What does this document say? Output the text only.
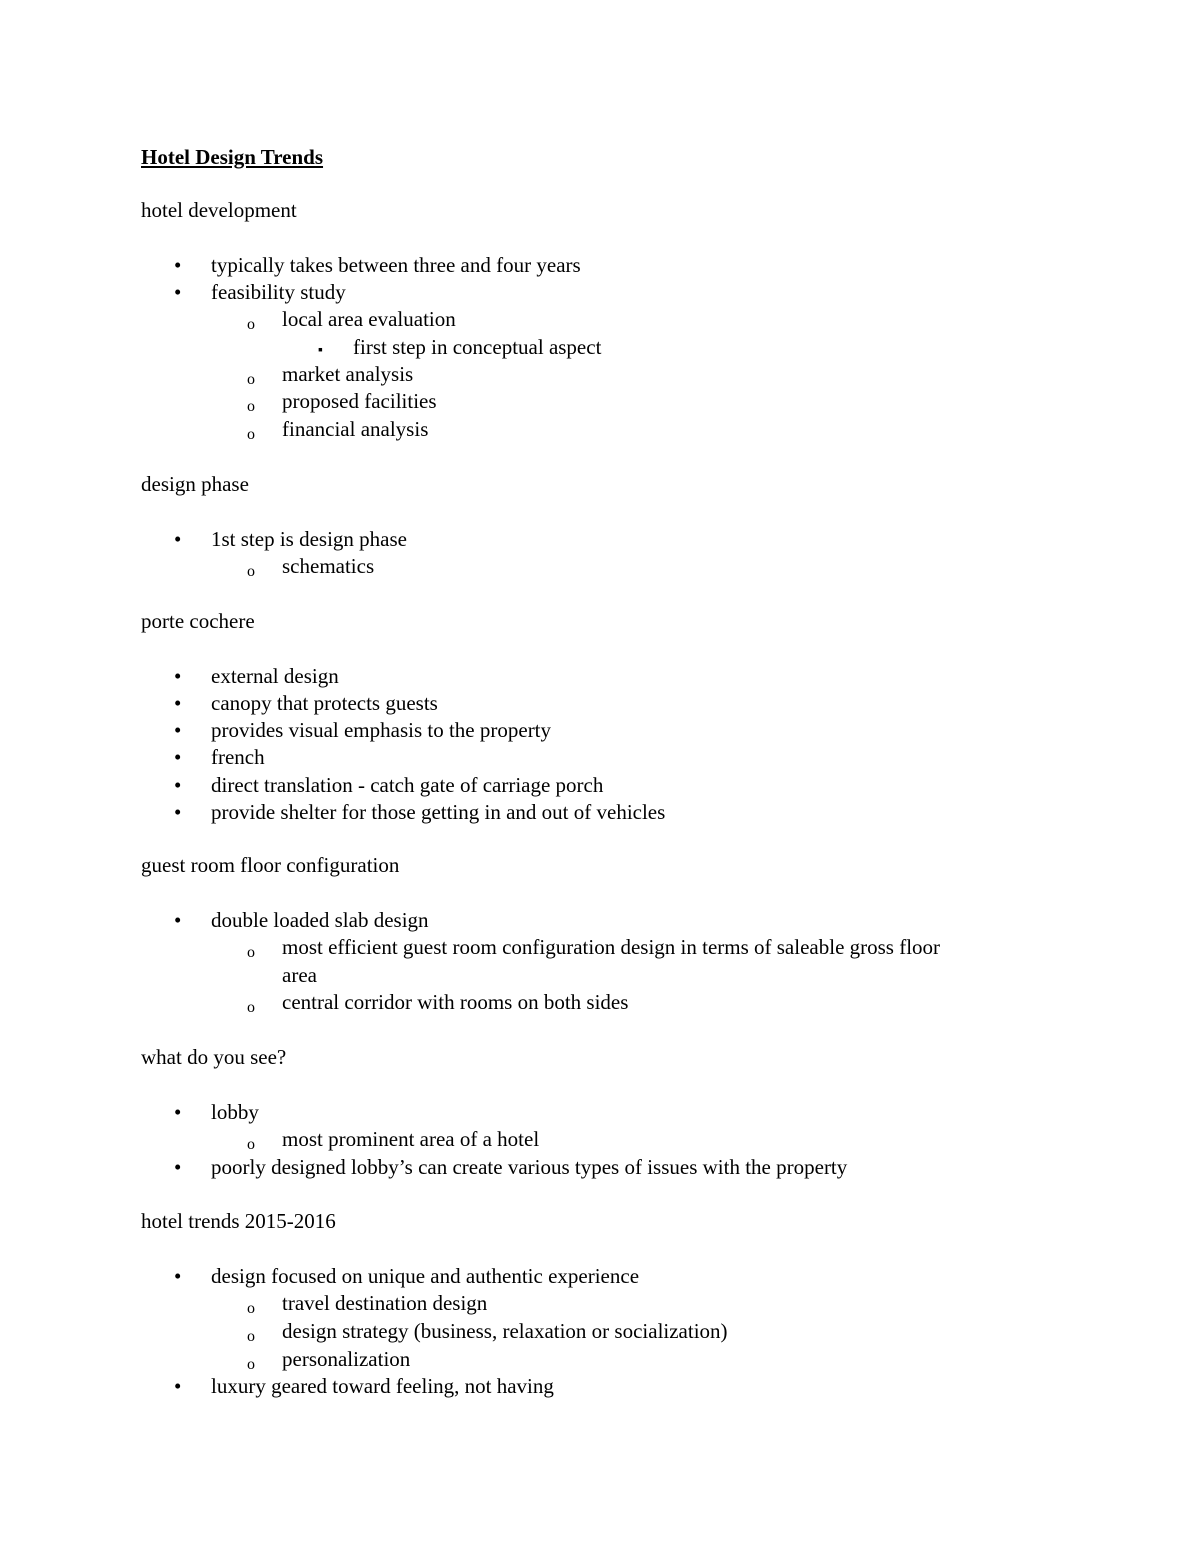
Hotel Design Trends
hotel development
•
typically takes between three and four years
•
feasibility study
o
local area evaluation
▪
first step in conceptual aspect
o
market analysis
o
proposed facilities
o
financial analysis
design phase
•
1st step is design phase
o
schematics
porte cochere
•
external design
•
canopy that protects guests
•
provides visual emphasis to the property
•
french
•
direct translation - catch gate of carriage porch
•
provide shelter for those getting in and out of vehicles
guest room floor configuration
•
double loaded slab design
o
most efficient guest room configuration design in terms of saleable gross floor
area
o
central corridor with rooms on both sides
what do you see?
•
lobby
o
most prominent area of a hotel
•
poorly designed lobby’s can create various types of issues with the property
hotel trends 2015-2016
•
design focused on unique and authentic experience
o
travel destination design
o
design strategy (business, relaxation or socialization)
o
personalization
•
luxury geared toward feeling, not having
